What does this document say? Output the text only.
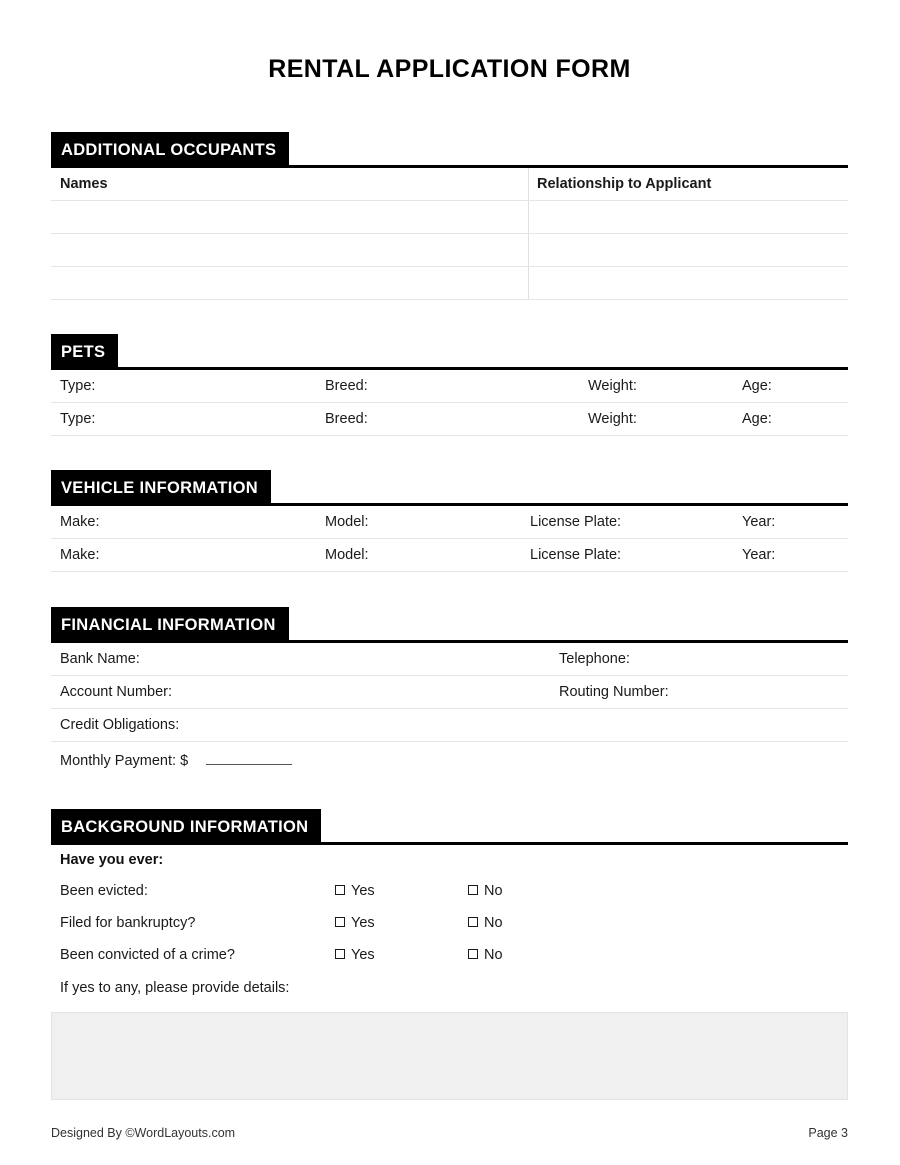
RENTAL APPLICATION FORM
ADDITIONAL OCCUPANTS
Names	Relationship to Applicant
PETS
Type:	Breed:	Weight:	Age:
Type:	Breed:	Weight:	Age:
VEHICLE INFORMATION
Make:	Model:	License Plate:	Year:
Make:	Model:	License Plate:	Year:
FINANCIAL INFORMATION
Bank Name:	Telephone:
Account Number:	Routing Number:
Credit Obligations:
Monthly Payment: $
BACKGROUND INFORMATION
Have you ever:
Been evicted:	Yes	No
Filed for bankruptcy?	Yes	No
Been convicted of a crime?	Yes	No
If yes to any, please provide details:
Designed By ©WordLayouts.com	Page 3
